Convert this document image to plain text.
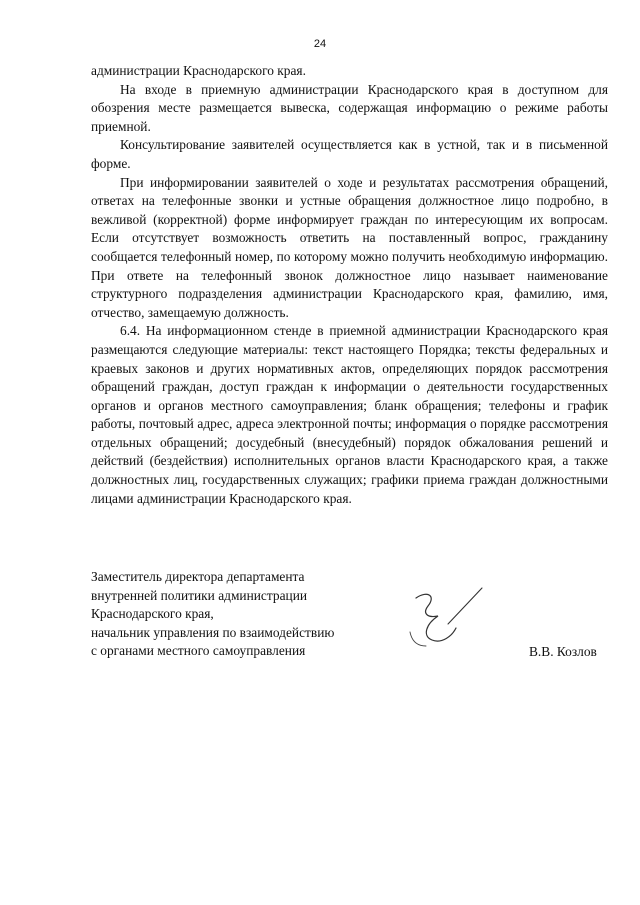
24

администрации Краснодарского края.

На входе в приемную администрации Краснодарского края в доступном для обозрения месте размещается вывеска, содержащая информацию о режиме работы приемной.

Консультирование заявителей осуществляется как в устной, так и в письменной форме.

При информировании заявителей о ходе и результатах рассмотрения обращений, ответах на телефонные звонки и устные обращения должностное лицо подробно, в вежливой (корректной) форме информирует граждан по интересующим их вопросам. Если отсутствует возможность ответить на поставленный вопрос, гражданину сообщается телефонный номер, по которому можно получить необходимую информацию. При ответе на телефонный звонок должностное лицо называет наименование структурного подразделения администрации Краснодарского края, фамилию, имя, отчество, замещаемую должность.

6.4. На информационном стенде в приемной администрации Краснодарского края размещаются следующие материалы: текст настоящего Порядка; тексты федеральных и краевых законов и других нормативных актов, определяющих порядок рассмотрения обращений граждан, доступ граждан к информации о деятельности государственных органов и органов местного самоуправления; бланк обращения; телефоны и график работы, почтовый адрес, адреса электронной почты; информация о порядке рассмотрения отдельных обращений; досудебный (внесудебный) порядок обжалования решений и действий (бездействия) исполнительных органов власти Краснодарского края, а также должностных лиц, государственных служащих; графики приема граждан должностными лицами администрации Краснодарского края.

Заместитель директора департамента
внутренней политики администрации
Краснодарского края,
начальник управления по взаимодействию
с органами местного самоуправления	В.В. Козлов
